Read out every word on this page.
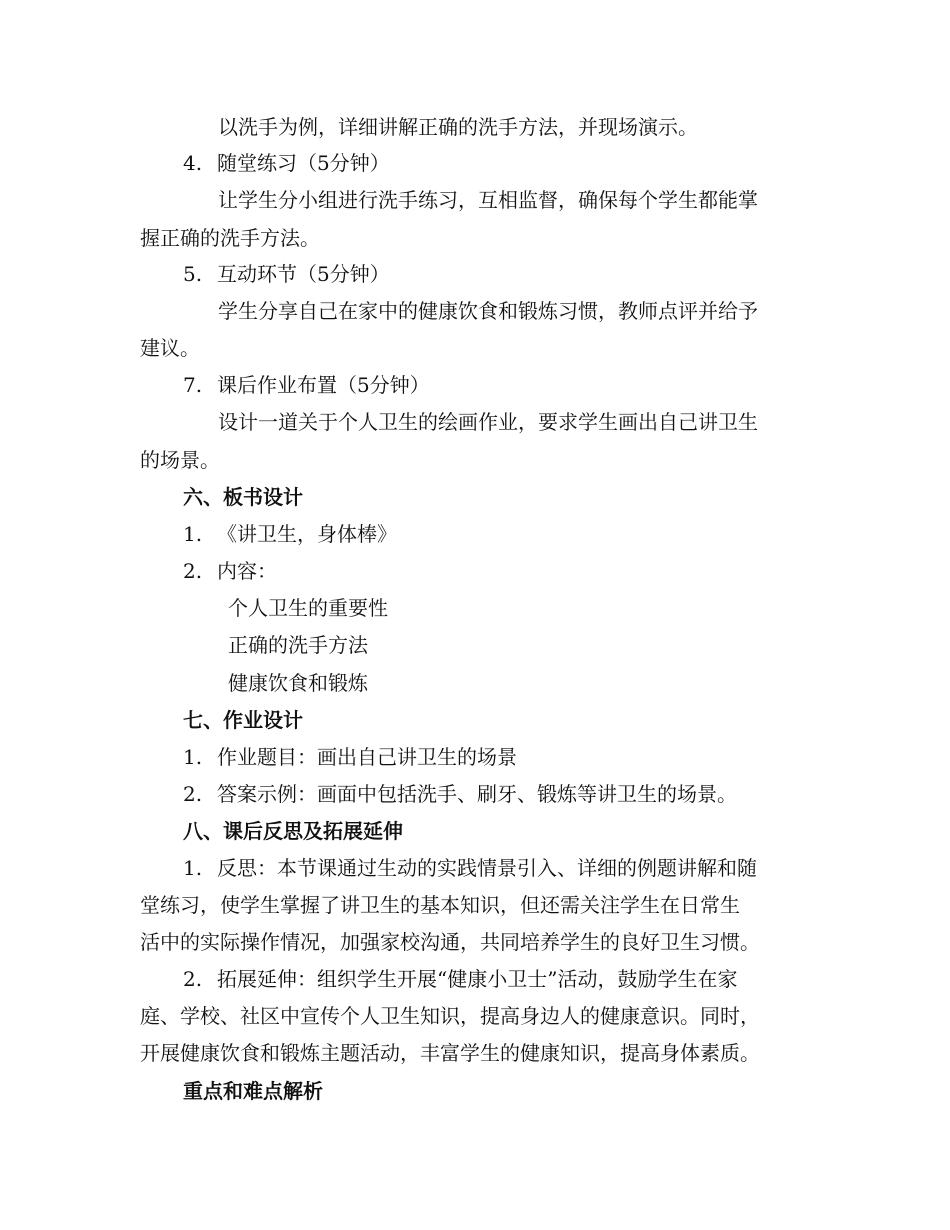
以洗手为例，详细讲解正确的洗手方法，并现场演示。
4. 随堂练习（5分钟）
让学生分小组进行洗手练习，互相监督，确保每个学生都能掌
握正确的洗手方法。
5. 互动环节（5分钟）
学生分享自己在家中的健康饮食和锻炼习惯，教师点评并给予
建议。
7. 课后作业布置（5分钟）
设计一道关于个人卫生的绘画作业，要求学生画出自己讲卫生
的场景。
六、板书设计
1. 《讲卫生，身体棒》
2. 内容：
个人卫生的重要性
正确的洗手方法
健康饮食和锻炼
七、作业设计
1. 作业题目：画出自己讲卫生的场景
2. 答案示例：画面中包括洗手、刷牙、锻炼等讲卫生的场景。
八、课后反思及拓展延伸
1. 反思：本节课通过生动的实践情景引入、详细的例题讲解和随
堂练习，使学生掌握了讲卫生的基本知识，但还需关注学生在日常生
活中的实际操作情况，加强家校沟通，共同培养学生的良好卫生习惯。
2. 拓展延伸：组织学生开展“健康小卫士”活动，鼓励学生在家
庭、学校、社区中宣传个人卫生知识，提高身边人的健康意识。同时，
开展健康饮食和锻炼主题活动，丰富学生的健康知识，提高身体素质。
重点和难点解析
